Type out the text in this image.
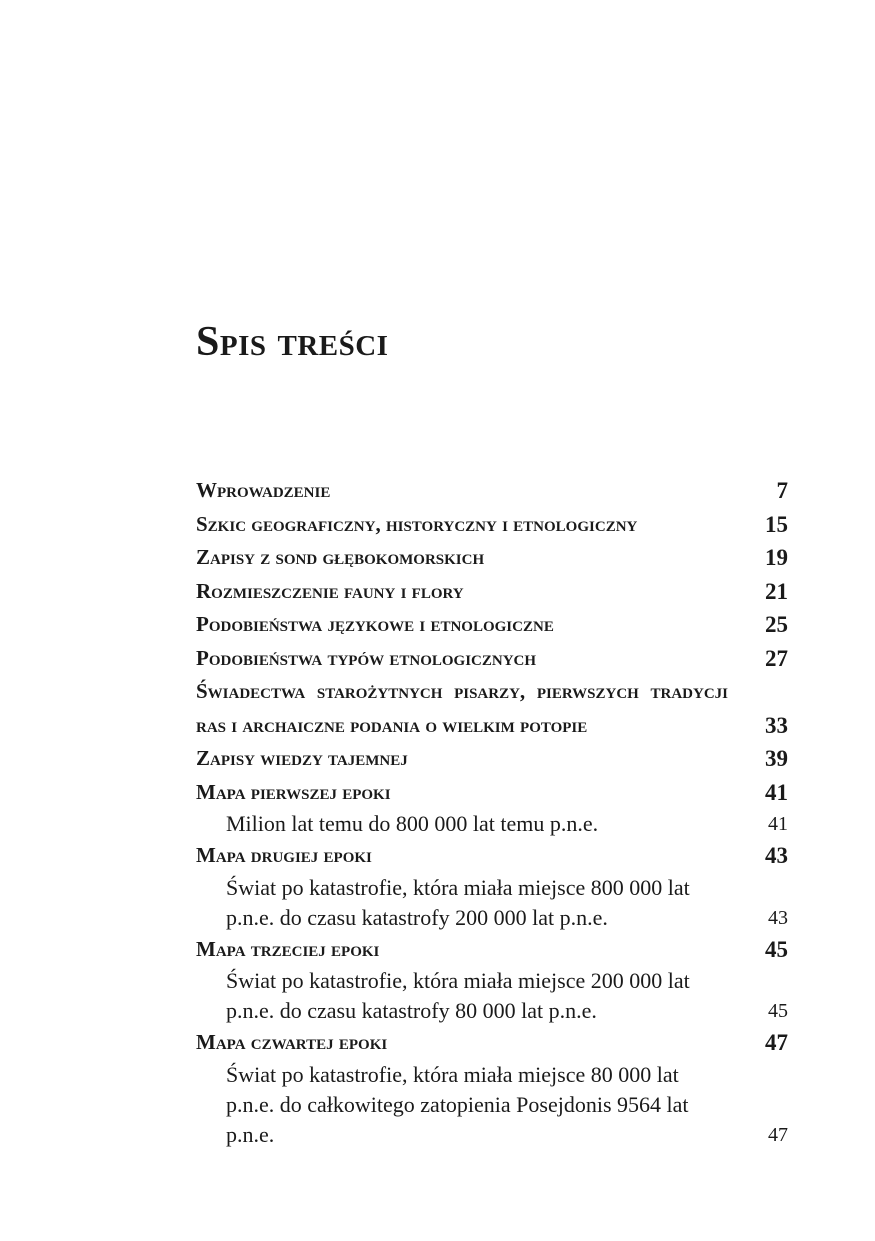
Spis treści
Wprowadzenie	7
Szkic geograficzny, historyczny i etnologiczny	15
Zapisy z sond głębokomorskich	19
Rozmieszczenie fauny i flory	21
Podobieństwa językowe i etnologiczne	25
Podobieństwa typów etnologicznych	27
Świadectwa starożytnych pisarzy, pierwszych tradycji ras i archaiczne podania o wielkim potopie	33
Zapisy wiedzy tajemnej	39
Mapa pierwszej epoki	41
Milion lat temu do 800 000 lat temu p.n.e.	41
Mapa drugiej epoki	43
Świat po katastrofie, która miała miejsce 800 000 lat p.n.e. do czasu katastrofy 200 000 lat p.n.e.	43
Mapa trzeciej epoki	45
Świat po katastrofie, która miała miejsce 200 000 lat p.n.e. do czasu katastrofy 80 000 lat p.n.e.	45
Mapa czwartej epoki	47
Świat po katastrofie, która miała miejsce 80 000 lat p.n.e. do całkowitego zatopienia Posejdonis 9564 lat p.n.e.	47
